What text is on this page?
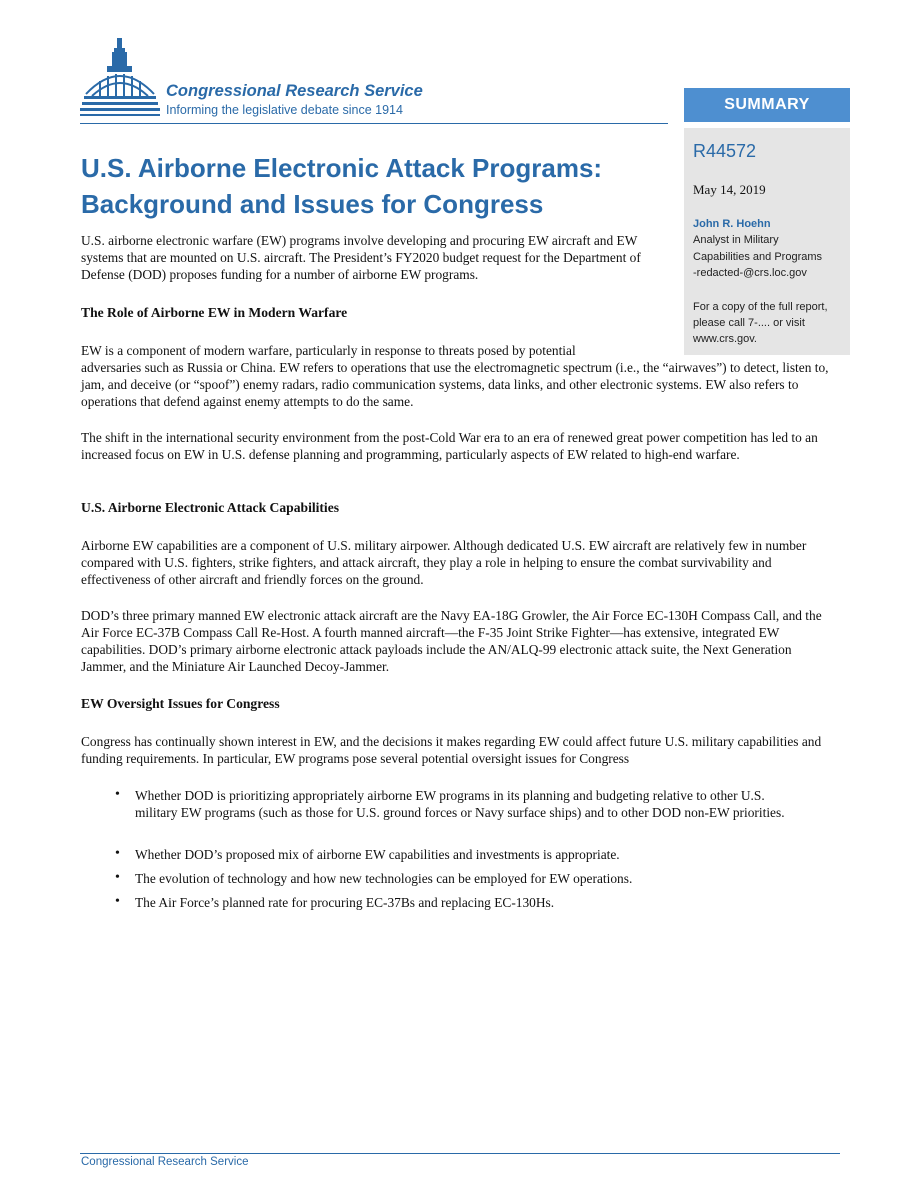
Congressional Research Service
Informing the legislative debate since 1914	SUMMARY
R44572
May 14, 2019
John R. Hoehn
Analyst in Military
Capabilities and Programs
-redacted-@crs.loc.gov
For a copy of the full report,
please call 7-.... or visit
www.crs.gov.
U.S. Airborne Electronic Attack Programs:
Background and Issues for Congress
U.S. airborne electronic warfare (EW) programs involve developing and procuring EW aircraft and EW systems that are mounted on U.S. aircraft. The President’s FY2020 budget request for the Department of Defense (DOD) proposes funding for a number of airborne EW programs.
The Role of Airborne EW in Modern Warfare
EW is a component of modern warfare, particularly in response to threats posed by potential
adversaries such as Russia or China. EW refers to operations that use the electromagnetic spectrum (i.e., the “airwaves”) to detect, listen to, jam, and deceive (or “spoof”) enemy radars, radio communication systems, data links, and other electronic systems. EW also refers to operations that defend against enemy attempts to do the same.
The shift in the international security environment from the post-Cold War era to an era of renewed great power competition has led to an increased focus on EW in U.S. defense planning and programming, particularly aspects of EW related to high-end warfare.
U.S. Airborne Electronic Attack Capabilities
Airborne EW capabilities are a component of U.S. military airpower. Although dedicated U.S. EW aircraft are relatively few in number compared with U.S. fighters, strike fighters, and attack aircraft, they play a role in helping to ensure the combat survivability and effectiveness of other aircraft and friendly forces on the ground.
DOD’s three primary manned EW electronic attack aircraft are the Navy EA-18G Growler, the Air Force EC-130H Compass Call, and the Air Force EC-37B Compass Call Re-Host. A fourth manned aircraft—the F-35 Joint Strike Fighter—has extensive, integrated EW capabilities. DOD’s primary airborne electronic attack payloads include the AN/ALQ-99 electronic attack suite, the Next Generation Jammer, and the Miniature Air Launched Decoy-Jammer.
EW Oversight Issues for Congress
Congress has continually shown interest in EW, and the decisions it makes regarding EW could affect future U.S. military capabilities and funding requirements. In particular, EW programs pose several potential oversight issues for Congress
• Whether DOD is prioritizing appropriately airborne EW programs in its planning and budgeting relative to other U.S. military EW programs (such as those for U.S. ground forces or Navy surface ships) and to other DOD non-EW priorities.
• Whether DOD’s proposed mix of airborne EW capabilities and investments is appropriate.
• The evolution of technology and how new technologies can be employed for EW operations.
• The Air Force’s planned rate for procuring EC-37Bs and replacing EC-130Hs.
Congressional Research Service
